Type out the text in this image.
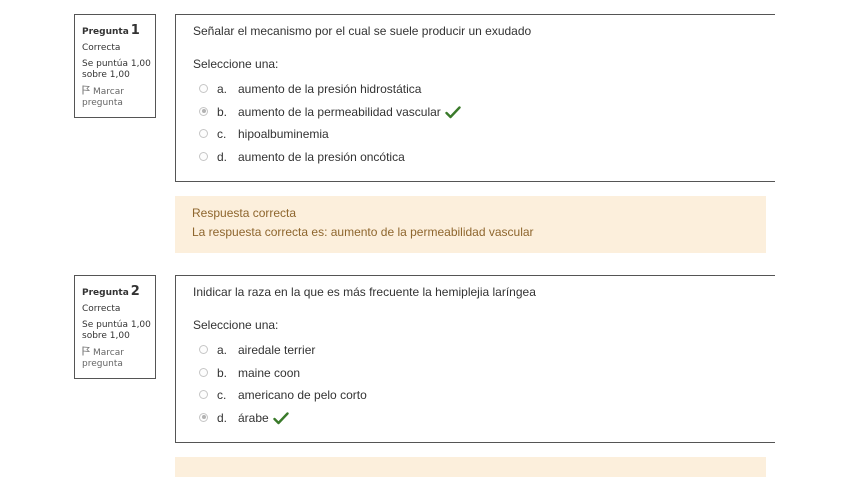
Pregunta 1
Correcta
Se puntúa 1,00 sobre 1,00
Marcar pregunta

Señalar el mecanismo por el cual se suele producir un exudado

Seleccione una:
a. aumento de la presión hidrostática
b. aumento de la permeabilidad vascular
c. hipoalbuminemia
d. aumento de la presión oncótica
Respuesta correcta
La respuesta correcta es: aumento de la permeabilidad vascular
Pregunta 2
Correcta
Se puntúa 1,00 sobre 1,00
Marcar pregunta

Inidicar la raza en la que es más frecuente la hemiplejia laríngea

Seleccione una:
a. airedale terrier
b. maine coon
c. americano de pelo corto
d. árabe
